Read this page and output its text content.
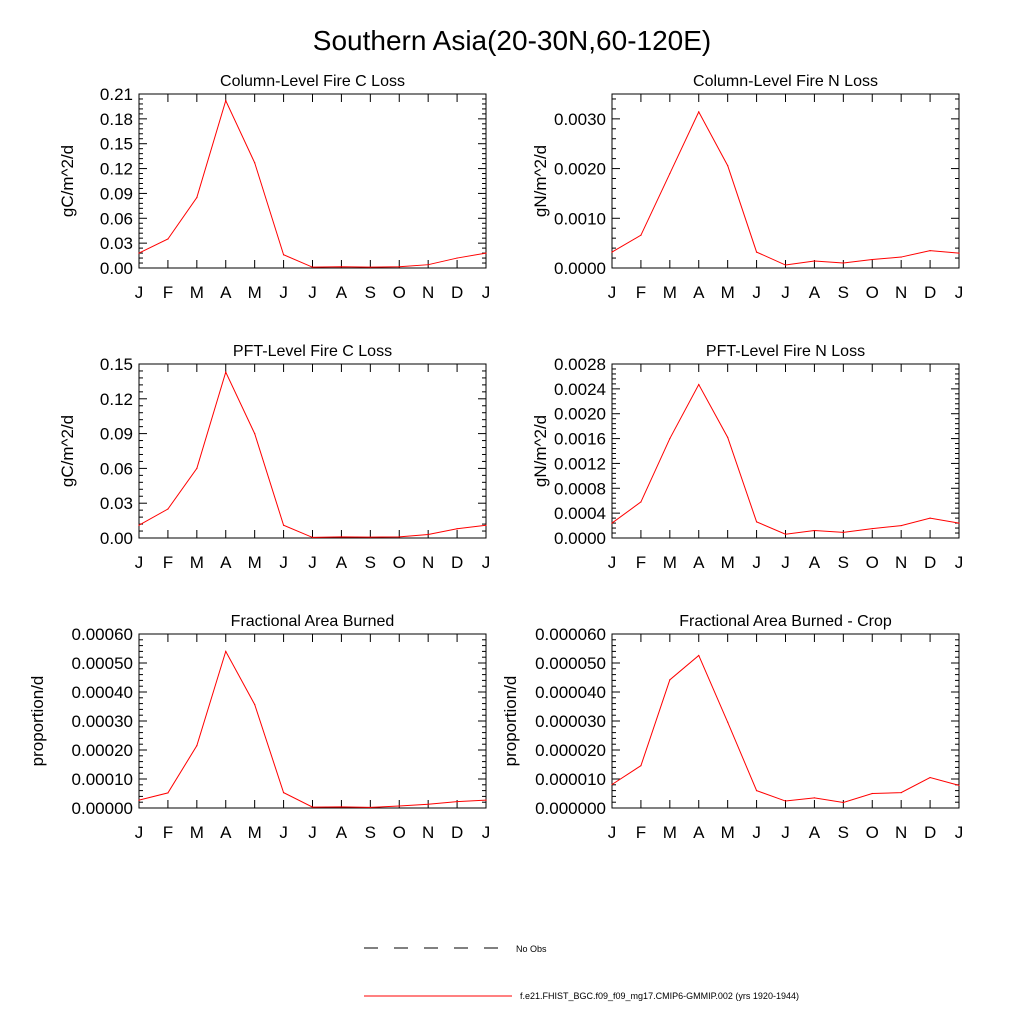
Southern Asia(20-30N,60-120E)
Column-Level Fire C Loss
gC/m^2/d
0.00
0.03
0.06
0.09
0.12
0.15
0.18
0.21
J F M A M J J A S O N D J
Column-Level Fire N Loss
gN/m^2/d
0.0000
0.0010
0.0020
0.0030
J F M A M J J A S O N D J
PFT-Level Fire C Loss
gC/m^2/d
0.00
0.03
0.06
0.09
0.12
0.15
J F M A M J J A S O N D J
PFT-Level Fire N Loss
gN/m^2/d
0.0000
0.0004
0.0008
0.0012
0.0016
0.0020
0.0024
0.0028
J F M A M J J A S O N D J
Fractional Area Burned
proportion/d
0.00000
0.00010
0.00020
0.00030
0.00040
0.00050
0.00060
J F M A M J J A S O N D J
Fractional Area Burned - Crop
proportion/d
0.000000
0.000010
0.000020
0.000030
0.000040
0.000050
0.000060
J F M A M J J A S O N D J
No Obs
f.e21.FHIST_BGC.f09_f09_mg17.CMIP6-GMMIP.002 (yrs 1920-1944)
